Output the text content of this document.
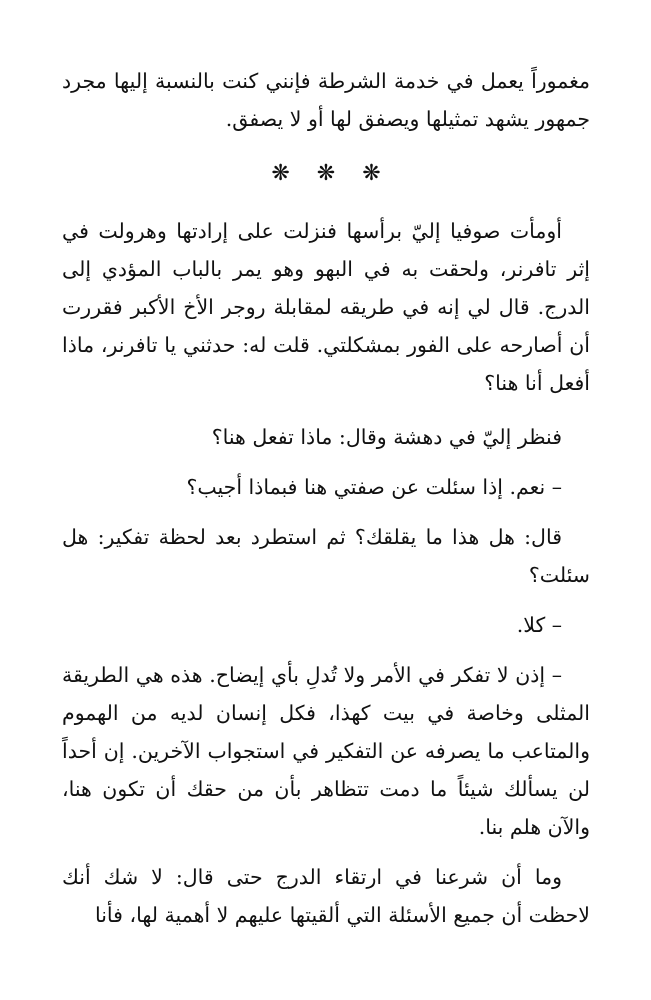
مغموراً يعمل في خدمة الشرطة فإنني كنت بالنسبة إليها مجرد جمهور يشهد تمثيلها ويصفق لها أو لا يصفق.

❋ ❋ ❋

أومأت صوفيا إليّ برأسها فنزلت على إرادتها وهرولت في إثر تافرنر، ولحقت به في البهو وهو يمر بالباب المؤدي إلى الدرج. قال لي إنه في طريقه لمقابلة روجر الأخ الأكبر فقررت أن أصارحه على الفور بمشكلتي. قلت له: حدثني يا تافرنر، ماذا أفعل أنا هنا؟

فنظر إليّ في دهشة وقال: ماذا تفعل هنا؟

– نعم. إذا سئلت عن صفتي هنا فبماذا أجيب؟

قال: هل هذا ما يقلقك؟ ثم استطرد بعد لحظة تفكير: هل سئلت؟

– كلا.

– إذن لا تفكر في الأمر ولا تُدلِ بأي إيضاح. هذه هي الطريقة المثلى وخاصة في بيت كهذا، فكل إنسان لديه من الهموم والمتاعب ما يصرفه عن التفكير في استجواب الآخرين. إن أحداً لن يسألك شيئاً ما دمت تتظاهر بأن من حقك أن تكون هنا، والآن هلم بنا.

وما أن شرعنا في ارتقاء الدرج حتى قال: لا شك أنك لاحظت أن جميع الأسئلة التي ألقيتها عليهم لا أهمية لها، فأنا
